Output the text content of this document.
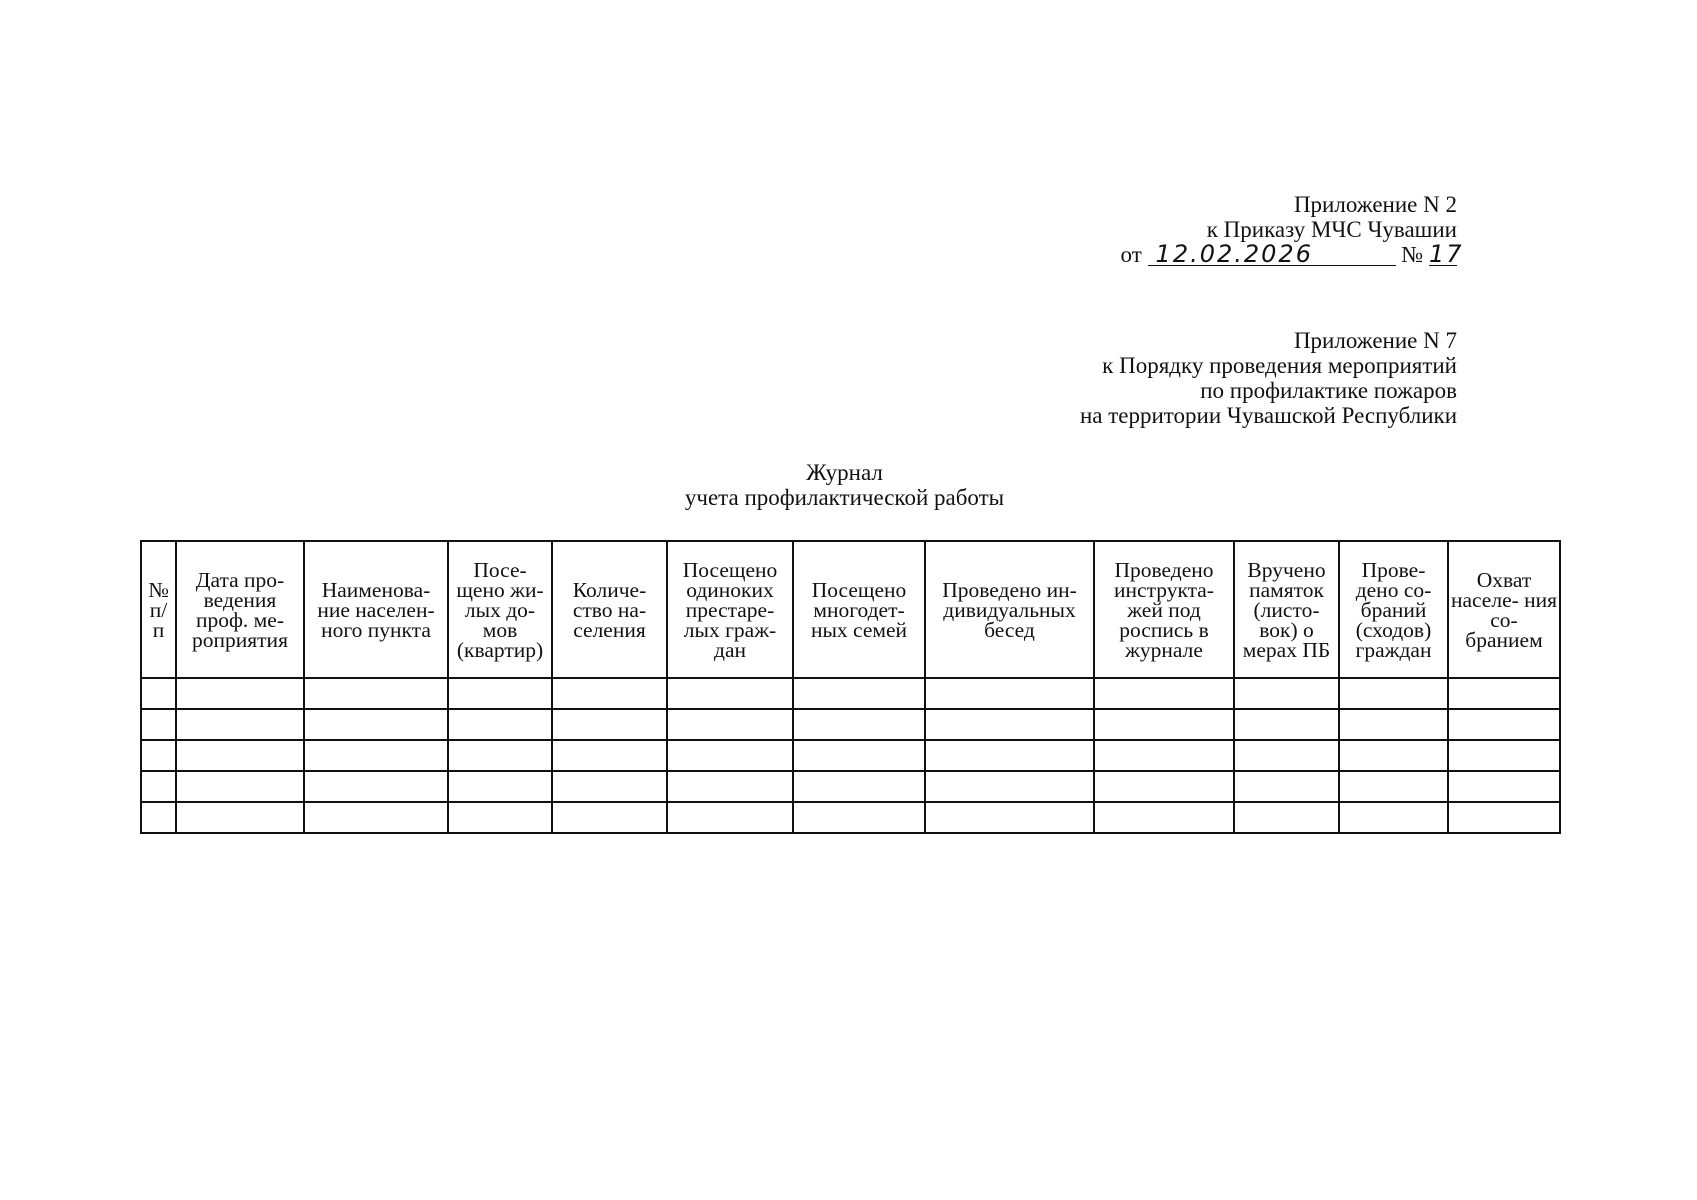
Приложение N 2
к Приказу МЧС Чувашии
от 12.02.2026	№ 17
Приложение N 7
к Порядку проведения мероприятий
по профилактике пожаров
на территории Чувашской Республики
Журнал
учета профилактической работы
№ п/ п	Дата про- ведения проф. ме- роприятия	Наименова- ние населен- ного пункта	Посе- щено жи- лых до- мов (квартир)	Количе- ство на- селения	Посещено одиноких престаре- лых граж- дан	Посещено многодет- ных семей	Проведено ин- дивидуальных бесед	Проведено инструкта- жей под роспись в журнале	Вручено памяток (листо- вок) о мерах ПБ	Прове- дено со- браний (сходов) граждан	Охват населе- ния со- бранием
